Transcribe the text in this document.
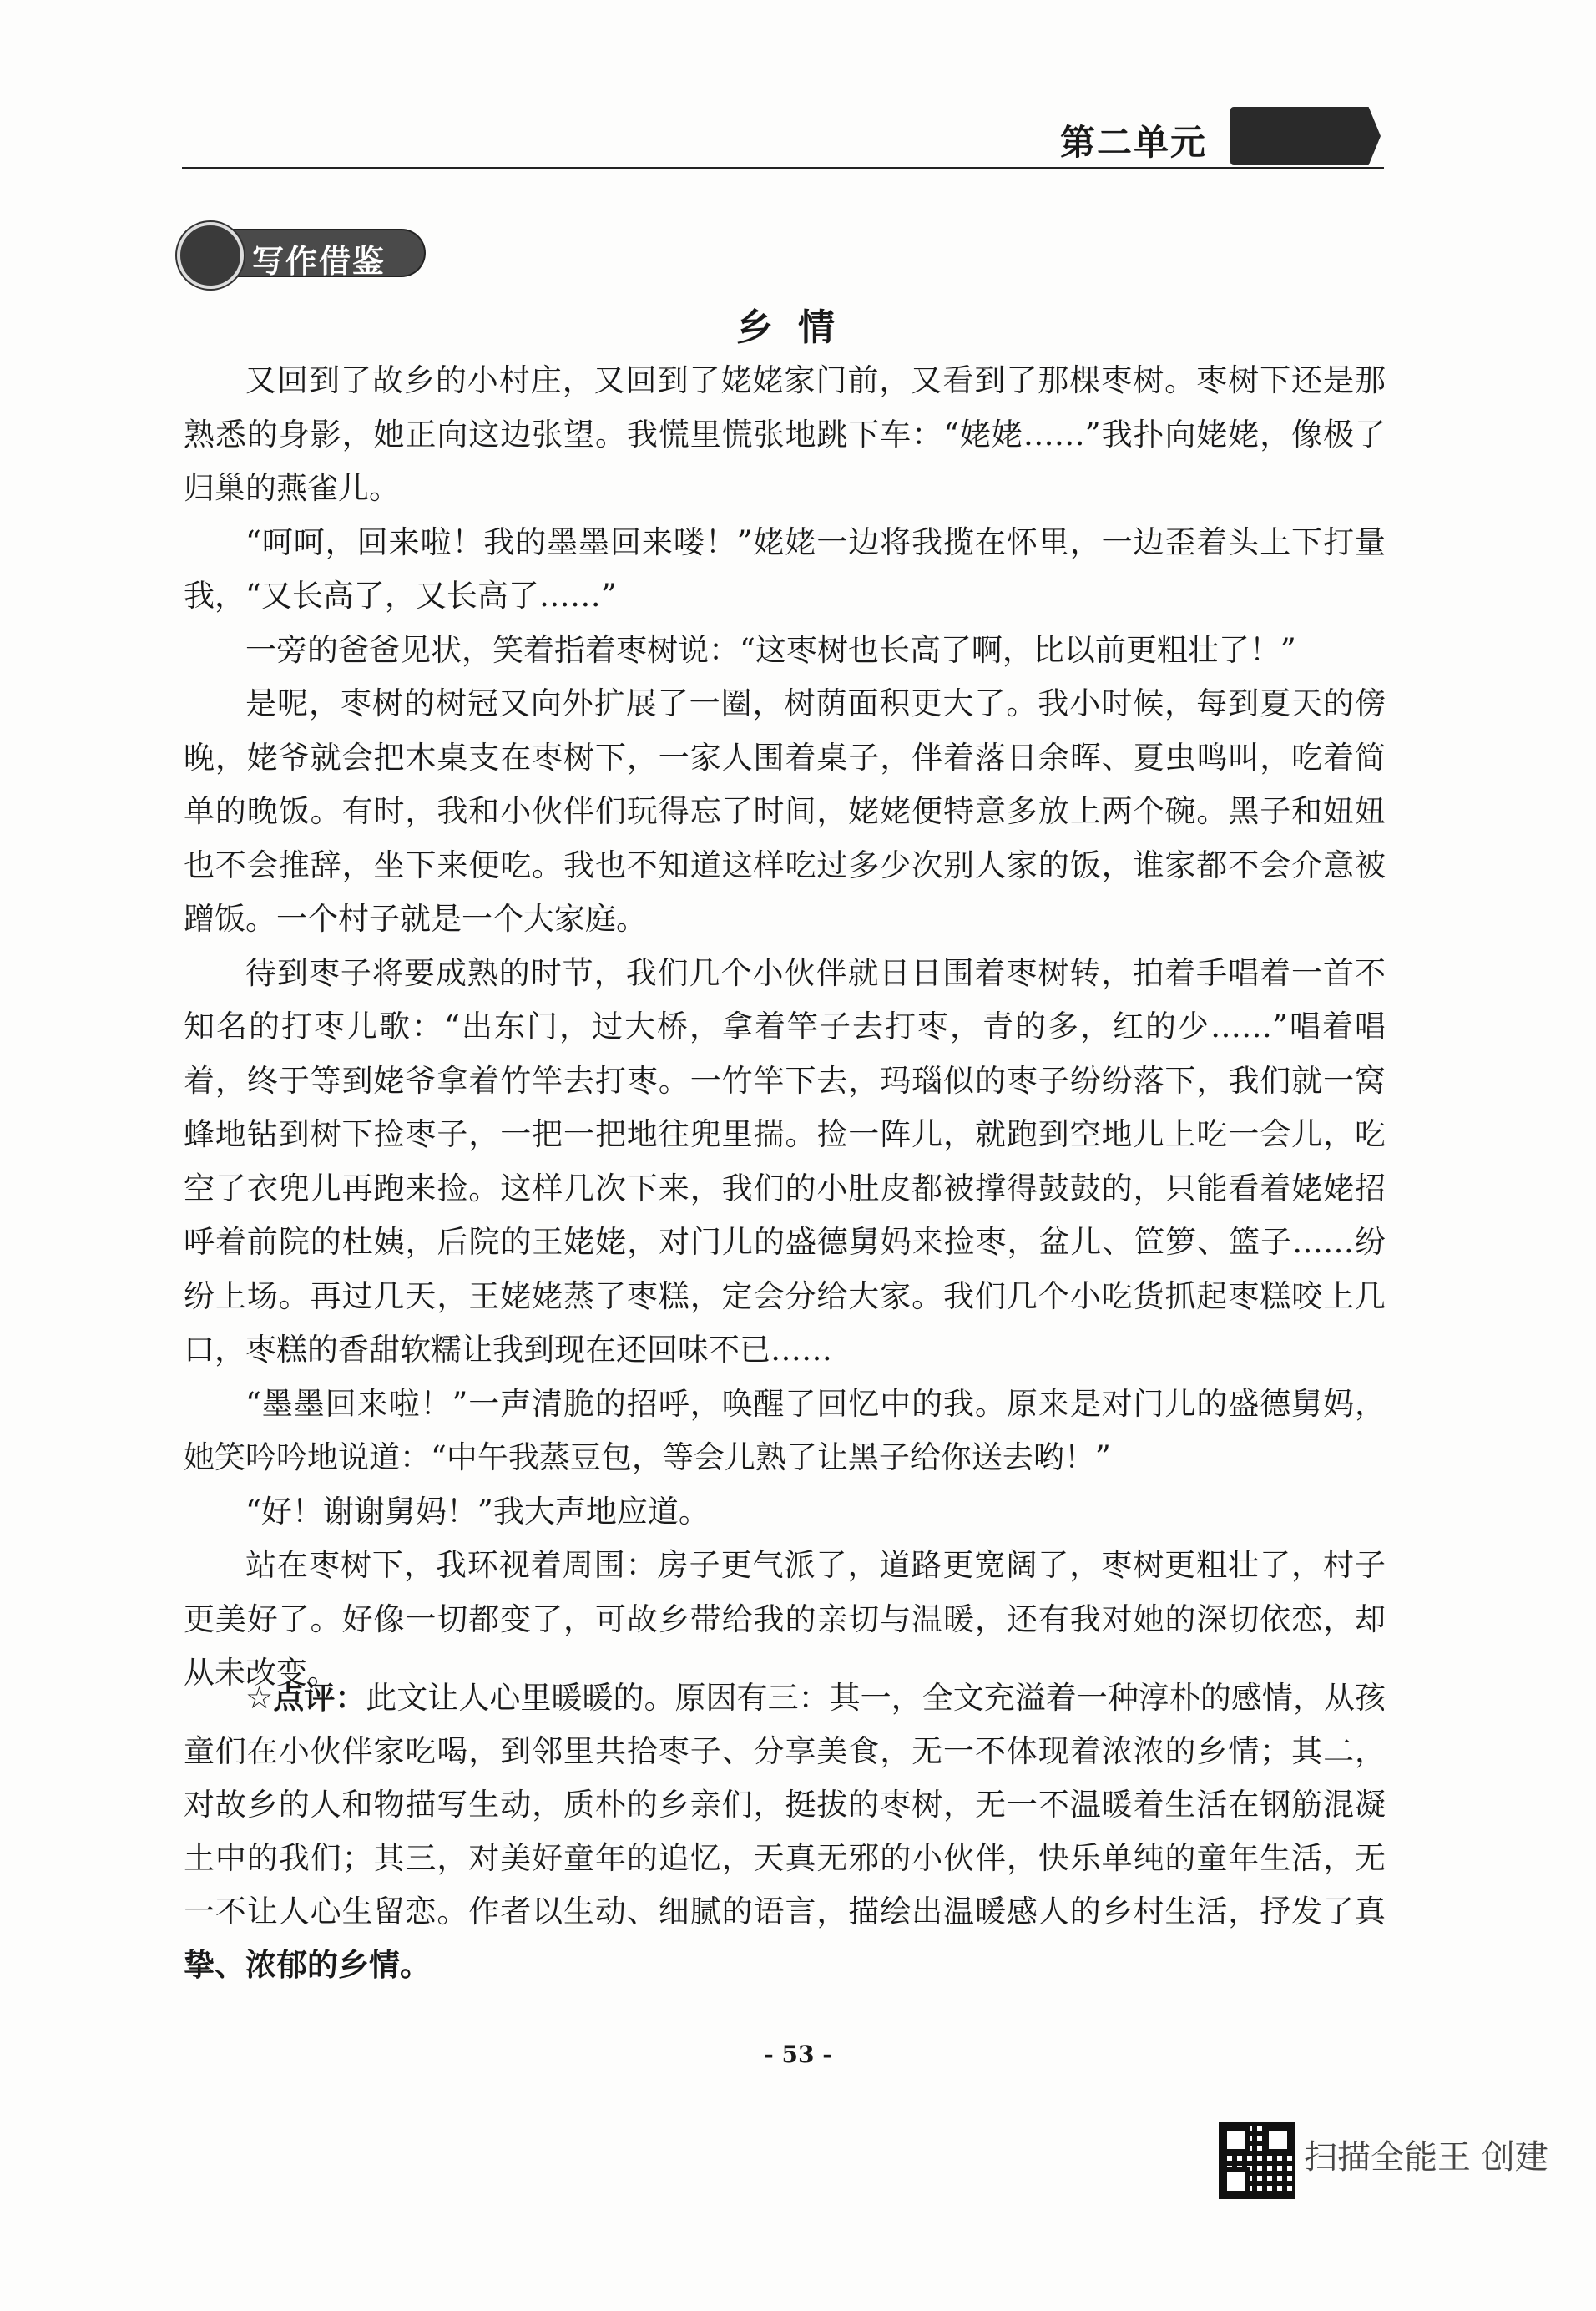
第二单元
写作借鉴
乡情

又回到了故乡的小村庄，又回到了姥姥家门前，又看到了那棵枣树。枣树下还是那熟悉的身影，她正向这边张望。我慌里慌张地跳下车：“姥姥……”我扑向姥姥，像极了归巢的燕雀儿。

“呵呵，回来啦！我的墨墨回来喽！”姥姥一边将我揽在怀里，一边歪着头上下打量我，“又长高了，又长高了……”

一旁的爸爸见状，笑着指着枣树说：“这枣树也长高了啊，比以前更粗壮了！”

是呢，枣树的树冠又向外扩展了一圈，树荫面积更大了。我小时候，每到夏天的傍晚，姥爷就会把木桌支在枣树下，一家人围着桌子，伴着落日余晖、夏虫鸣叫，吃着简单的晚饭。有时，我和小伙伴们玩得忘了时间，姥姥便特意多放上两个碗。黑子和妞妞也不会推辞，坐下来便吃。我也不知道这样吃过多少次别人家的饭，谁家都不会介意被蹭饭。一个村子就是一个大家庭。

待到枣子将要成熟的时节，我们几个小伙伴就日日围着枣树转，拍着手唱着一首不知名的打枣儿歌：“出东门，过大桥，拿着竿子去打枣，青的多，红的少……”唱着唱着，终于等到姥爷拿着竹竿去打枣。一竹竿下去，玛瑙似的枣子纷纷落下，我们就一窝蜂地钻到树下捡枣子，一把一把地往兜里揣。捡一阵儿，就跑到空地儿上吃一会儿，吃空了衣兜儿再跑来捡。这样几次下来，我们的小肚皮都被撑得鼓鼓的，只能看着姥姥招呼着前院的杜姨，后院的王姥姥，对门儿的盛德舅妈来捡枣，盆儿、笸箩、篮子……纷纷上场。再过几天，王姥姥蒸了枣糕，定会分给大家。我们几个小吃货抓起枣糕咬上几口，枣糕的香甜软糯让我到现在还回味不已……

“墨墨回来啦！”一声清脆的招呼，唤醒了回忆中的我。原来是对门儿的盛德舅妈，她笑吟吟地说道：“中午我蒸豆包，等会儿熟了让黑子给你送去哟！”

“好！谢谢舅妈！”我大声地应道。

站在枣树下，我环视着周围：房子更气派了，道路更宽阔了，枣树更粗壮了，村子更美好了。好像一切都变了，可故乡带给我的亲切与温暖，还有我对她的深切依恋，却从未改变。

☆点评：此文让人心里暖暖的。原因有三：其一，全文充溢着一种淳朴的感情，从孩童们在小伙伴家吃喝，到邻里共拾枣子、分享美食，无一不体现着浓浓的乡情；其二，对故乡的人和物描写生动，质朴的乡亲们，挺拔的枣树，无一不温暖着生活在钢筋混凝土中的我们；其三，对美好童年的追忆，天真无邪的小伙伴，快乐单纯的童年生活，无一不让人心生留恋。作者以生动、细腻的语言，描绘出温暖感人的乡村生活，抒发了真挚、浓郁的乡情。
- 53 -
扫描全能王 创建
